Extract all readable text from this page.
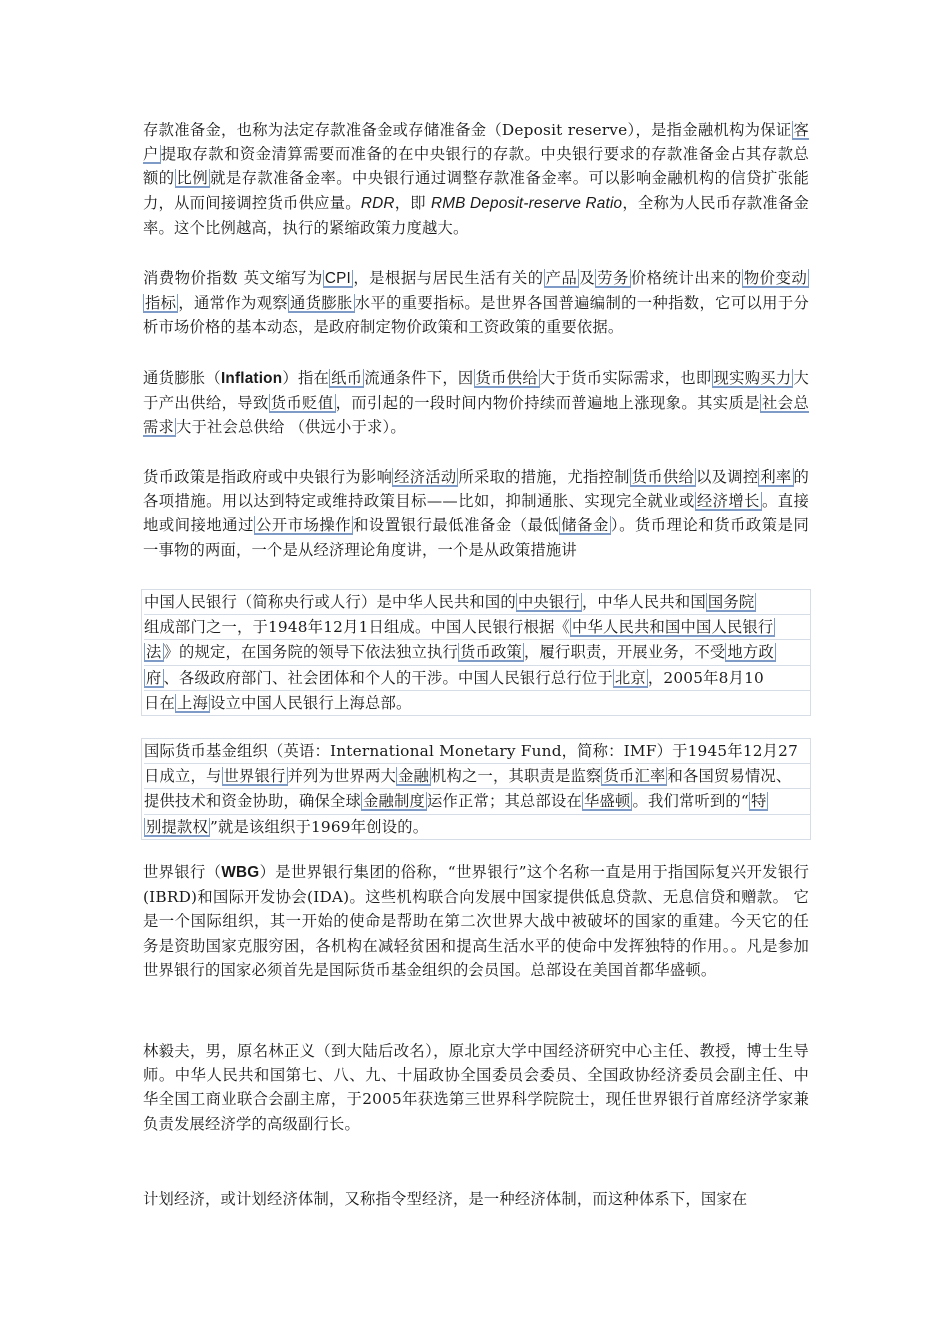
存款准备金，也称为法定存款准备金或存储准备金（Deposit reserve），是指金融机构为保证 客户 提取存款和资金清算需要而准备的在中央银行的存款。中央银行要求的存款准备金占其存款总额的 比例 就是存款准备金率。中央银行通过调整存款准备金率。可以影响金融机构的信贷扩张能力，从而间接调控货币供应量。RDR，即 RMB Deposit-reserve Ratio，全称为人民币存款准备金率。这个比例越高，执行的紧缩政策力度越大。
消费物价指数 英文缩写为 CPI ，是根据与居民生活有关的 产品 及 劳务 价格统计出来的 物价变动指标 ，通常作为观察 通货膨胀 水平的重要指标。是世界各国普遍编制的一种指数，它可以用于分析市场价格的基本动态，是政府制定物价政策和工资政策的重要依据。
通货膨胀（Inflation）指在 纸币 流通条件下，因 货币供给 大于货币实际需求，也即 现实购买力 大于产出供给，导致 货币贬值 ，而引起的一段时间内物价持续而普遍地上涨现象。其实质是 社会总需求 大于社会总供给 （供远小于求）。
货币政策是指政府或中央银行为影响 经济活动 所采取的措施，尤指控制 货币供给 以及调控 利率 的各项措施。用以达到特定或维持政策目标——比如，抑制通胀、实现完全就业或 经济增长 。直接地或间接地通过 公开市场操作 和设置银行最低准备金（最低 储备金 ）。货币理论和货币政策是同一事物的两面，一个是从经济理论角度讲，一个是从政策措施讲
中国人民银行（简称央行或人行）是中华人民共和国的 中央银行 ，中华人民共和国 国务院
组成部门之一，于1948年12月1日组成。中国人民银行根据《 中华人民共和国中国人民银行
法 》的规定，在国务院的领导下依法独立执行 货币政策 ，履行职责，开展业务，不受 地方政
府 、各级政府部门、社会团体和个人的干涉。中国人民银行总行位于 北京 ，2005年8月10
日在 上海 设立中国人民银行上海总部。
国际货币基金组织（英语：International Monetary Fund，简称：IMF）于1945年12月27
日成立，与 世界银行 并列为世界两大 金融 机构之一，其职责是监察 货币汇率 和各国贸易情况、
提供技术和资金协助，确保全球 金融制度 运作正常；其总部设在 华盛顿 。我们常听到的“ 特
别提款权 ”就是该组织于1969年创设的。
世界银行（WBG）是世界银行集团的俗称，“世界银行”这个名称一直是用于指国际复兴开发银行(IBRD)和国际开发协会(IDA)。这些机构联合向发展中国家提供低息贷款、无息信贷和赠款。 它是一个国际组织，其一开始的使命是帮助在第二次世界大战中被破坏的国家的重建。今天它的任务是资助国家克服穷困，各机构在减轻贫困和提高生活水平的使命中发挥独特的作用。。凡是参加世界银行的国家必须首先是国际货币基金组织的会员国。总部设在美国首都华盛顿。
林毅夫，男，原名林正义（到大陆后改名），原北京大学中国经济研究中心主任、教授，博士生导师。中华人民共和国第七、八、九、十届政协全国委员会委员、全国政协经济委员会副主任、中华全国工商业联合会副主席，于2005年获选第三世界科学院院士，现任世界银行首席经济学家兼负责发展经济学的高级副行长。
计划经济，或计划经济体制，又称指令型经济，是一种经济体制，而这种体系下，国家在
